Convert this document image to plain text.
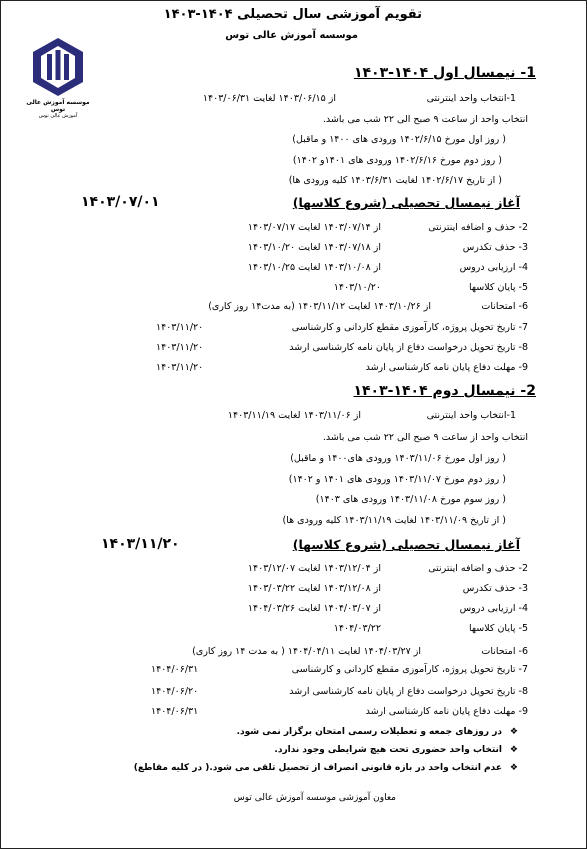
موسسه آموزش عالی توس
آموزش عالی توس
تقویم آموزشی سال تحصیلی ۱۴۰۴-۱۴۰۳
موسسه آموزش عالی توس
1- نیمسال اول ۱۴۰۴-۱۴۰۳
1-انتخاب واحد اینترنتی
از ۱۴۰۳/۰۶/۱۵ لغایت ۱۴۰۳/۰۶/۳۱
انتخاب واحد از ساعت ۹ صبح الی ۲۲ شب می باشد.
( روز اول مورخ ۱۴۰۲/۶/۱۵ ورودی های ۱۴۰۰ و ماقبل)
( روز دوم مورخ ۱۴۰۲/۶/۱۶ ورودی های ۱۴۰۱و ۱۴۰۲)
( از تاریخ ۱۴۰۲/۶/۱۷ لغایت ۱۴۰۳/۶/۳۱ کلیه ورودی ها)
آغاز نیمسال تحصیلی (شروع کلاسها)
۱۴۰۳/۰۷/۰۱
2- حذف و اضافه اینترنتی
از ۱۴۰۳/۰۷/۱۴ لغایت ۱۴۰۳/۰۷/۱۷
3- حذف تکدرس
از ۱۴۰۳/۰۷/۱۸ لغایت ۱۴۰۳/۱۰/۲۰
4- ارزیابی دروس
از ۱۴۰۳/۱۰/۰۸ لغایت ۱۴۰۳/۱۰/۲۵
5- پایان کلاسها
۱۴۰۳/۱۰/۲۰
6- امتحانات
از ۱۴۰۳/۱۰/۲۶ لغایت ۱۴۰۳/۱۱/۱۲ (به مدت۱۴ روز کاری)
7- تاریخ تحویل پروژه، کارآموزی مقطع کاردانی و کارشناسی
۱۴۰۳/۱۱/۲۰
8- تاریخ تحویل درخواست دفاع از پایان نامه کارشناسی ارشد
۱۴۰۳/۱۱/۲۰
9- مهلت دفاع پایان نامه کارشناسی ارشد
۱۴۰۳/۱۱/۲۰
2- نیمسال دوم ۱۴۰۴-۱۴۰۳
1-انتخاب واحد اینترنتی
از ۱۴۰۳/۱۱/۰۶ لغایت ۱۴۰۳/۱۱/۱۹
انتخاب واحد از ساعت ۹ صبح الی ۲۲ شب می باشد.
( روز اول مورخ ۱۴۰۳/۱۱/۰۶ ورودی های۱۴۰۰ و ماقبل)
( روز دوم مورخ ۱۴۰۳/۱۱/۰۷ ورودی های ۱۴۰۱ و ۱۴۰۲)
( روز سوم مورخ ۱۴۰۳/۱۱/۰۸ ورودی های ۱۴۰۳)
( از تاریخ ۱۴۰۳/۱۱/۰۹ لغایت ۱۴۰۳/۱۱/۱۹ کلیه ورودی ها)
آغاز نیمسال تحصیلی (شروع کلاسها)
۱۴۰۳/۱۱/۲۰
2- حذف و اضافه اینترنتی
از ۱۴۰۳/۱۲/۰۴ لغایت ۱۴۰۳/۱۲/۰۷
3- حذف تکدرس
از ۱۴۰۳/۱۲/۰۸ لغایت ۱۴۰۳/۰۳/۲۲
4- ارزیابی دروس
از ۱۴۰۴/۰۳/۰۷ لغایت ۱۴۰۴/۰۳/۲۶
5- پایان کلاسها
۱۴۰۴/۰۳/۲۲
6- امتحانات
از ۱۴۰۴/۰۳/۲۷ لغایت ۱۴۰۴/۰۴/۱۱ ( به مدت ۱۴ روز کاری)
7- تاریخ تحویل پروژه، کارآموزی مقطع کاردانی و کارشناسی
۱۴۰۴/۰۶/۳۱
8- تاریخ تحویل درخواست دفاع از پایان نامه کارشناسی ارشد
۱۴۰۴/۰۶/۲۰
9- مهلت دفاع پایان نامه کارشناسی ارشد
۱۴۰۴/۰۶/۳۱
❖
در روزهای جمعه و تعطیلات رسمی امتحان برگزار نمی شود.
❖
انتخاب واحد حضوری تحت هیچ شرایطی وجود ندارد.
❖
عدم انتخاب واحد در بازه قانونی انصراف از تحصیل تلقی می شود.( در کلیه مقاطع)
معاون آموزشی موسسه آموزش عالی توس
